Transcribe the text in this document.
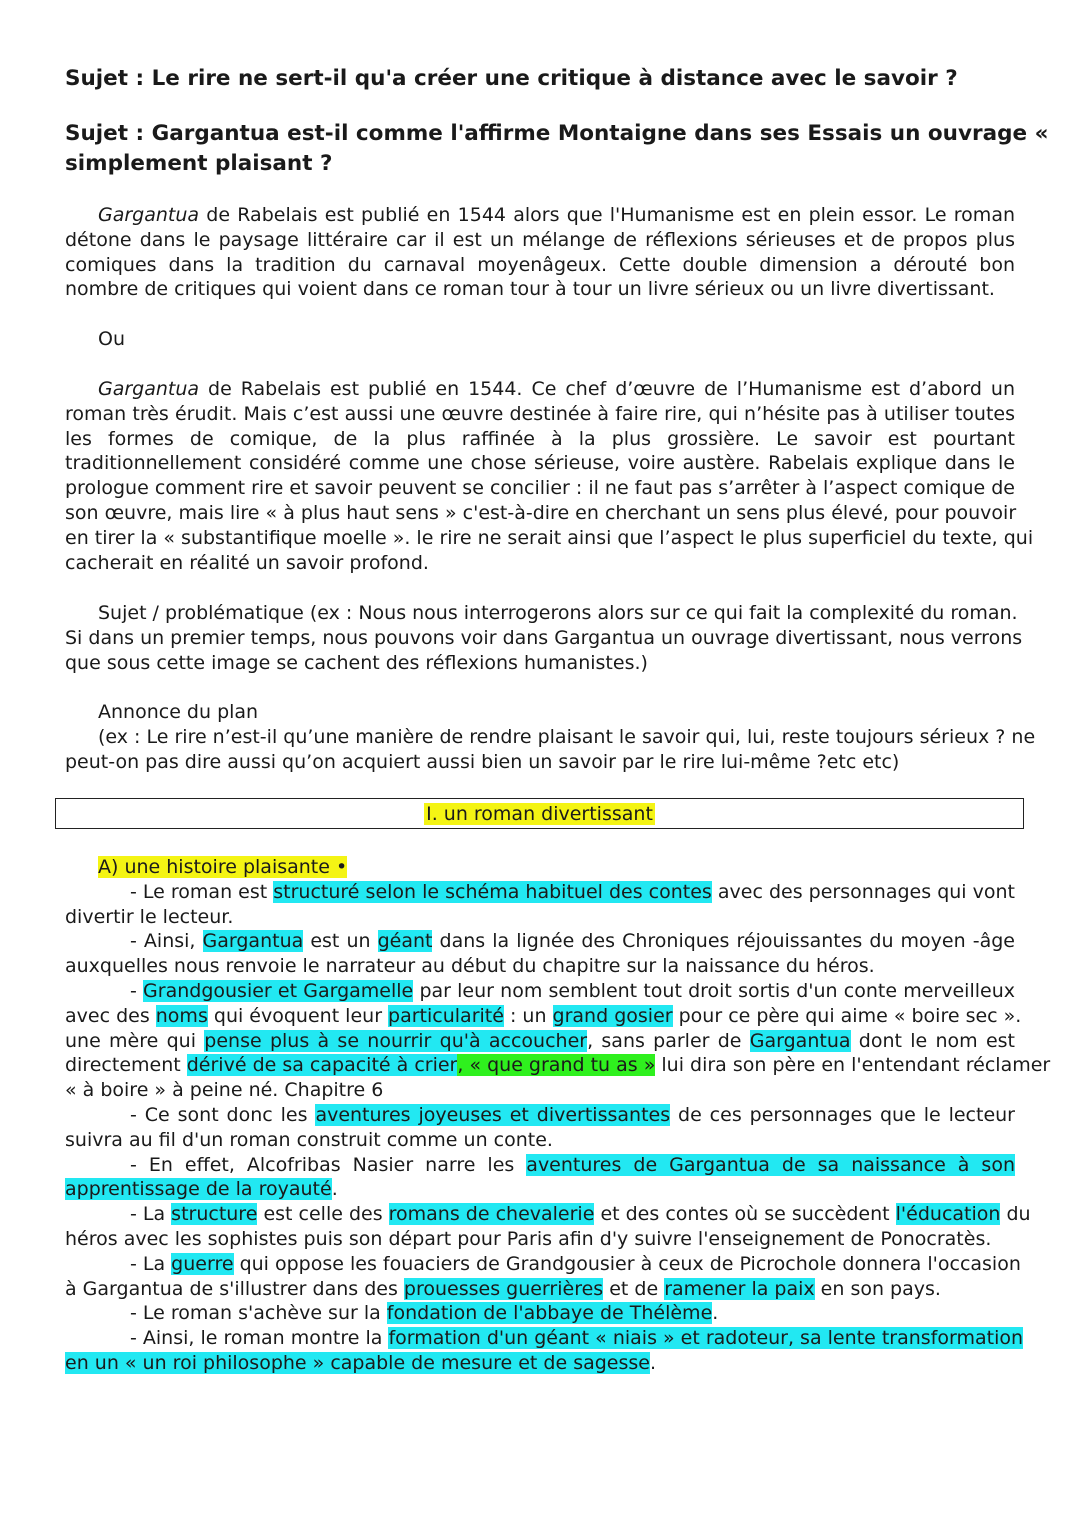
Sujet : Le rire ne sert-il qu'a créer une critique à distance avec le savoir ?

Sujet : Gargantua est-il comme l'affirme Montaigne dans ses Essais un ouvrage «
simplement plaisant ?
Gargantua de Rabelais est publié en 1544 alors que l'Humanisme est en plein essor. Le roman
détone dans le paysage littéraire car il est un mélange de réflexions sérieuses et de propos plus
comiques dans la tradition du carnaval moyenâgeux. Cette double dimension a dérouté bon
nombre de critiques qui voient dans ce roman tour à tour un livre sérieux ou un livre divertissant.
Ou
Gargantua de Rabelais est publié en 1544. Ce chef d’œuvre de l’Humanisme est d’abord un
roman très érudit. Mais c’est aussi une œuvre destinée à faire rire, qui n’hésite pas à utiliser toutes
les formes de comique, de la plus raffinée à la plus grossière. Le savoir est pourtant
traditionnellement considéré comme une chose sérieuse, voire austère. Rabelais explique dans le
prologue comment rire et savoir peuvent se concilier : il ne faut pas s’arrêter à l’aspect comique de
son œuvre, mais lire « à plus haut sens » c'est-à-dire en cherchant un sens plus élevé, pour pouvoir
en tirer la « substantifique moelle ». le rire ne serait ainsi que l’aspect le plus superficiel du texte, qui
cacherait en réalité un savoir profond.
Sujet / problématique (ex : Nous nous interrogerons alors sur ce qui fait la complexité du roman.
Si dans un premier temps, nous pouvons voir dans Gargantua un ouvrage divertissant, nous verrons
que sous cette image se cachent des réflexions humanistes.)
Annonce du plan
(ex : Le rire n’est-il qu’une manière de rendre plaisant le savoir qui, lui, reste toujours sérieux ? ne
peut-on pas dire aussi qu’on acquiert aussi bien un savoir par le rire lui-même ?etc etc)
I. un roman divertissant
A) une histoire plaisante •
- Le roman est structuré selon le schéma habituel des contes avec des personnages qui vont
divertir le lecteur.
- Ainsi, Gargantua est un géant dans la lignée des Chroniques réjouissantes du moyen -âge
auxquelles nous renvoie le narrateur au début du chapitre sur la naissance du héros.
- Grandgousier et Gargamelle par leur nom semblent tout droit sortis d'un conte merveilleux
avec des noms qui évoquent leur particularité : un grand gosier pour ce père qui aime « boire sec ».
une mère qui pense plus à se nourrir qu'à accoucher, sans parler de Gargantua dont le nom est
directement dérivé de sa capacité à crier, « que grand tu as » lui dira son père en l'entendant réclamer
« à boire » à peine né. Chapitre 6
- Ce sont donc les aventures joyeuses et divertissantes de ces personnages que le lecteur
suivra au fil d'un roman construit comme un conte.
- En effet, Alcofribas Nasier narre les aventures de Gargantua de sa naissance à son
apprentissage de la royauté.
- La structure est celle des romans de chevalerie et des contes où se succèdent l'éducation du
héros avec les sophistes puis son départ pour Paris afin d'y suivre l'enseignement de Ponocratès.
- La guerre qui oppose les fouaciers de Grandgousier à ceux de Picrochole donnera l'occasion
à Gargantua de s'illustrer dans des prouesses guerrières et de ramener la paix en son pays.
- Le roman s'achève sur la fondation de l'abbaye de Thélème.
- Ainsi, le roman montre la formation d'un géant « niais » et radoteur, sa lente transformation
en un « un roi philosophe » capable de mesure et de sagesse.
